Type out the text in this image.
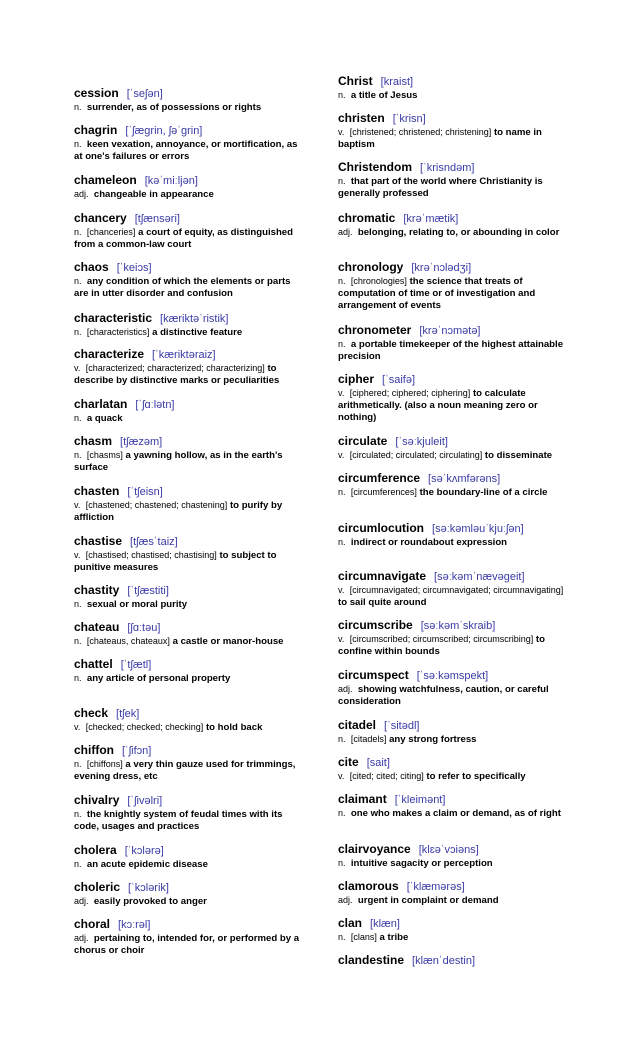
cession [ˈseʃən]
n. surrender, as of possessions or rights
chagrin [ˈʃæɡrin, ʃəˈɡrin]
n. keen vexation, annoyance, or mortification, as at one's failures or errors
chameleon [kəˈmiːljən]
adj. changeable in appearance
chancery [tʃænsəri]
n. [chanceries] a court of equity, as distinguished from a common-law court
chaos [ˈkeiɔs]
n. any condition of which the elements or parts are in utter disorder and confusion
characteristic [kæriktəˈristik]
n. [characteristics] a distinctive feature
characterize [ˈkæriktəraiz]
v. [characterized; characterized; characterizing] to describe by distinctive marks or peculiarities
charlatan [ˈʃɑːlətn]
n. a quack
chasm [tʃæzəm]
n. [chasms] a yawning hollow, as in the earth's surface
chasten [ˈtʃeisn]
v. [chastened; chastened; chastening] to purify by affliction
chastise [tʃæsˈtaiz]
v. [chastised; chastised; chastising] to subject to punitive measures
chastity [ˈtʃæstiti]
n. sexual or moral purity
chateau [ʃɑːtəu]
n. [chateaus, chateaux] a castle or manor-house
chattel [ˈtʃætl]
n. any article of personal property
check [tʃek]
v. [checked; checked; checking] to hold back
chiffon [ˈʃifɔn]
n. [chiffons] a very thin gauze used for trimmings, evening dress, etc
chivalry [ˈʃivəlri]
n. the knightly system of feudal times with its code, usages and practices
cholera [ˈkɔlərə]
n. an acute epidemic disease
choleric [ˈkɔlərik]
adj. easily provoked to anger
choral [kɔːrəl]
adj. pertaining to, intended for, or performed by a chorus or choir
Christ [kraist]
n. a title of Jesus
christen [ˈkrisn]
v. [christened; christened; christening] to name in baptism
Christendom [ˈkrisndəm]
n. that part of the world where Christianity is generally professed
chromatic [krəˈmætik]
adj. belonging, relating to, or abounding in color
chronology [krəˈnɔlədʒi]
n. [chronologies] the science that treats of computation of time or of investigation and arrangement of events
chronometer [krəˈnɔmətə]
n. a portable timekeeper of the highest attainable precision
cipher [ˈsaifə]
v. [ciphered; ciphered; ciphering] to calculate arithmetically. (also a noun meaning zero or nothing)
circulate [ˈsəːkjuleit]
v. [circulated; circulated; circulating] to disseminate
circumference [səˈkʌmfərəns]
n. [circumferences] the boundary-line of a circle
circumlocution [səːkəmləuˈkjuːʃən]
n. indirect or roundabout expression
circumnavigate [səːkəmˈnævəɡeit]
v. [circumnavigated; circumnavigated; circumnavigating] to sail quite around
circumscribe [səːkəmˈskraib]
v. [circumscribed; circumscribed; circumscribing] to confine within bounds
circumspect [ˈsəːkəmspekt]
adj. showing watchfulness, caution, or careful consideration
citadel [ˈsitədl]
n. [citadels] any strong fortress
cite [sait]
v. [cited; cited; citing] to refer to specifically
claimant [ˈkleimənt]
n. one who makes a claim or demand, as of right
clairvoyance [klɛəˈvɔiəns]
n. intuitive sagacity or perception
clamorous [ˈklæmərəs]
adj. urgent in complaint or demand
clan [klæn]
n. [clans] a tribe
clandestine [klænˈdestin]
